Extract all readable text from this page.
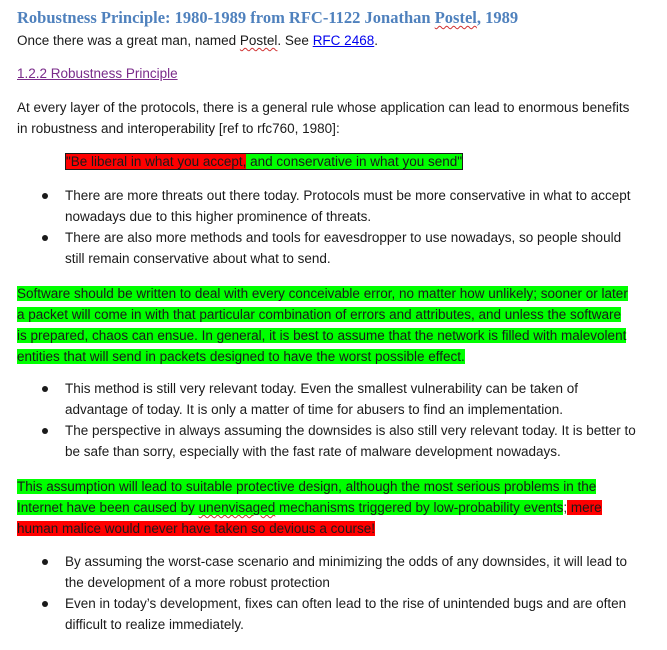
Robustness Principle: 1980-1989 from RFC-1122 Jonathan Postel, 1989
Once there was a great man, named Postel. See RFC 2468.
1.2.2 Robustness Principle
At every layer of the protocols, there is a general rule whose application can lead to enormous benefits
in robustness and interoperability [ref to rfc760, 1980]:
"Be liberal in what you accept, and conservative in what you send"
There are more threats out there today. Protocols must be more conservative in what to accept
nowadays due to this higher prominence of threats.
There are also more methods and tools for eavesdropper to use nowadays, so people should
still remain conservative about what to send.
Software should be written to deal with every conceivable error, no matter how unlikely; sooner or later
a packet will come in with that particular combination of errors and attributes, and unless the software
is prepared, chaos can ensue. In general, it is best to assume that the network is filled with malevolent
entities that will send in packets designed to have the worst possible effect.
This method is still very relevant today. Even the smallest vulnerability can be taken of
advantage of today. It is only a matter of time for abusers to find an implementation.
The perspective in always assuming the downsides is also still very relevant today. It is better to
be safe than sorry, especially with the fast rate of malware development nowadays.
This assumption will lead to suitable protective design, although the most serious problems in the
Internet have been caused by unenvisaged mechanisms triggered by low-probability events; mere
human malice would never have taken so devious a course!
By assuming the worst-case scenario and minimizing the odds of any downsides, it will lead to
the development of a more robust protection
Even in today’s development, fixes can often lead to the rise of unintended bugs and are often
difficult to realize immediately.
